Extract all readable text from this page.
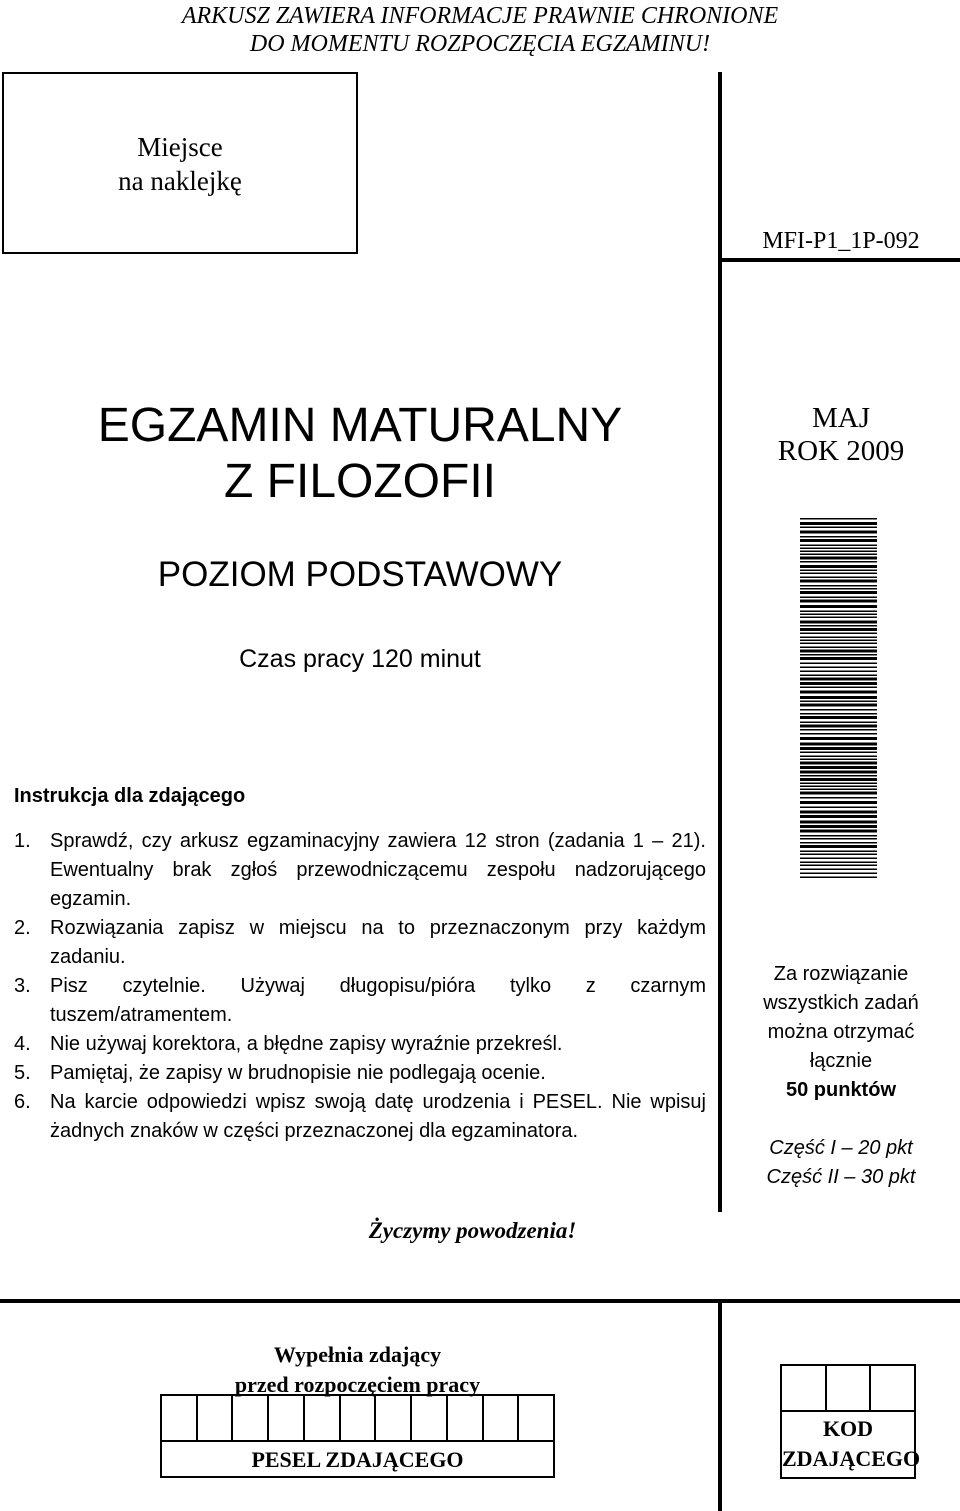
ARKUSZ ZAWIERA INFORMACJE PRAWNIE CHRONIONE
DO MOMENTU ROZPOCZĘCIA EGZAMINU!
Miejsce
na naklejkę
MFI-P1_1P-092
MAJ
ROK 2009
EGZAMIN MATURALNY
Z FILOZOFII
POZIOM PODSTAWOWY
Czas pracy 120 minut
Instrukcja dla zdającego
1. Sprawdź, czy arkusz egzaminacyjny zawiera 12 stron (zadania 1 – 21). Ewentualny brak zgłoś przewodniczącemu zespołu nadzorującego egzamin.
2. Rozwiązania zapisz w miejscu na to przeznaczonym przy każdym zadaniu.
3. Pisz czytelnie. Używaj długopisu/pióra tylko z czarnym tuszem/atramentem.
4. Nie używaj korektora, a błędne zapisy wyraźnie przekreśl.
5. Pamiętaj, że zapisy w brudnopisie nie podlegają ocenie.
6. Na karcie odpowiedzi wpisz swoją datę urodzenia i PESEL. Nie wpisuj żadnych znaków w części przeznaczonej dla egzaminatora.
Za rozwiązanie
wszystkich zadań
można otrzymać
łącznie
50 punktów
Część I – 20 pkt
Część II – 30 pkt
Życzymy powodzenia!
Wypełnia zdający
przed rozpoczęciem pracy
PESEL ZDAJĄCEGO
KOD
ZDAJĄCEGO
